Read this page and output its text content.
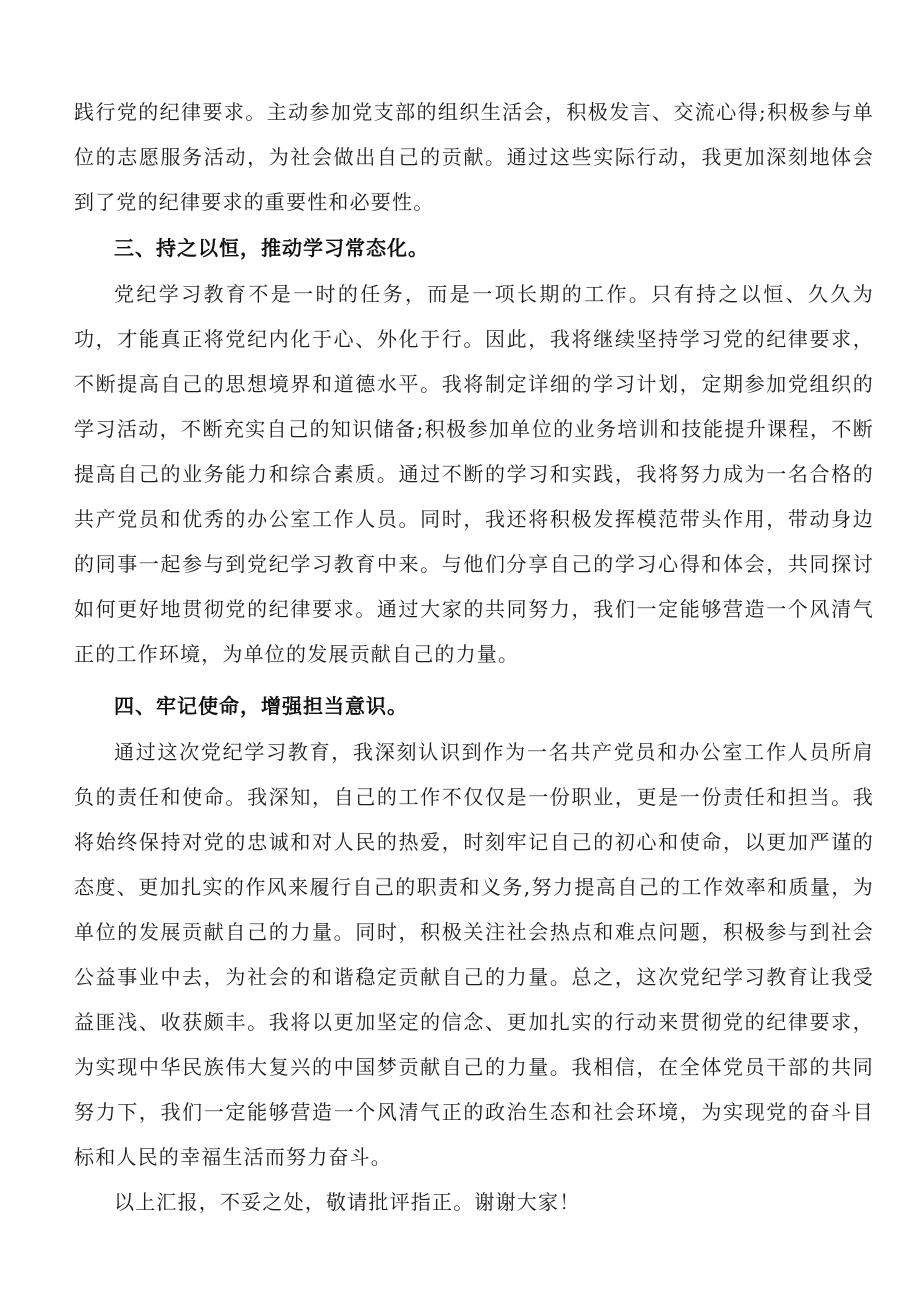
践行党的纪律要求。主动参加党支部的组织生活会，积极发言、交流心得;积极参与单位的志愿服务活动，为社会做出自己的贡献。通过这些实际行动，我更加深刻地体会到了党的纪律要求的重要性和必要性。

三、持之以恒，推动学习常态化。

党纪学习教育不是一时的任务，而是一项长期的工作。只有持之以恒、久久为功，才能真正将党纪内化于心、外化于行。因此，我将继续坚持学习党的纪律要求，不断提高自己的思想境界和道德水平。我将制定详细的学习计划，定期参加党组织的学习活动，不断充实自己的知识储备;积极参加单位的业务培训和技能提升课程，不断提高自己的业务能力和综合素质。通过不断的学习和实践，我将努力成为一名合格的共产党员和优秀的办公室工作人员。同时，我还将积极发挥模范带头作用，带动身边的同事一起参与到党纪学习教育中来。与他们分享自己的学习心得和体会，共同探讨如何更好地贯彻党的纪律要求。通过大家的共同努力，我们一定能够营造一个风清气正的工作环境，为单位的发展贡献自己的力量。

四、牢记使命，增强担当意识。

通过这次党纪学习教育，我深刻认识到作为一名共产党员和办公室工作人员所肩负的责任和使命。我深知，自己的工作不仅仅是一份职业，更是一份责任和担当。我将始终保持对党的忠诚和对人民的热爱，时刻牢记自己的初心和使命，以更加严谨的态度、更加扎实的作风来履行自己的职责和义务,努力提高自己的工作效率和质量，为单位的发展贡献自己的力量。同时，积极关注社会热点和难点问题，积极参与到社会公益事业中去，为社会的和谐稳定贡献自己的力量。总之，这次党纪学习教育让我受益匪浅、收获颇丰。我将以更加坚定的信念、更加扎实的行动来贯彻党的纪律要求，为实现中华民族伟大复兴的中国梦贡献自己的力量。我相信，在全体党员干部的共同努力下，我们一定能够营造一个风清气正的政治生态和社会环境，为实现党的奋斗目标和人民的幸福生活而努力奋斗。

以上汇报，不妥之处，敬请批评指正。谢谢大家！
